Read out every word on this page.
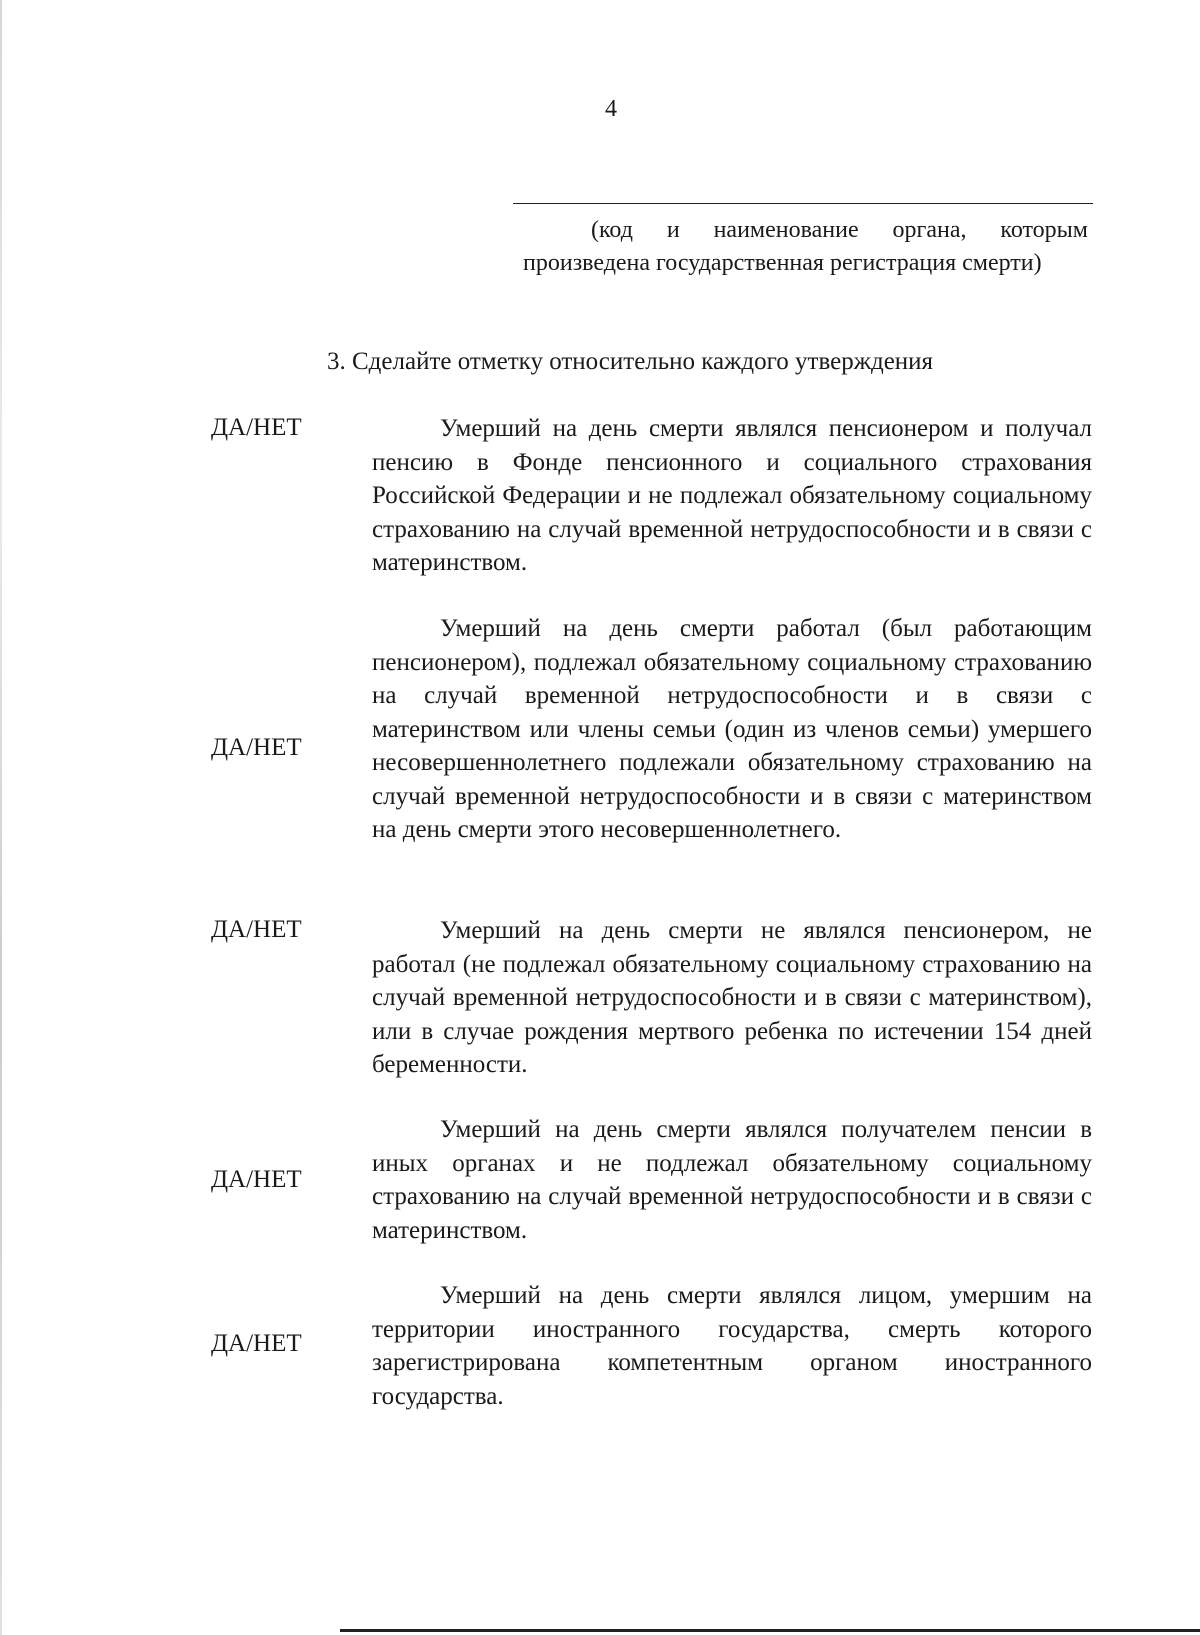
4
(код и наименование органа, которым произведена государственная регистрация смерти)
3. Сделайте отметку относительно каждого утверждения
ДА/НЕТ	Умерший на день смерти являлся пенсионером и получал пенсию в Фонде пенсионного и социального страхования Российской Федерации и не подлежал обязательному социальному страхованию на случай временной нетрудоспособности и в связи с материнством.
ДА/НЕТ
Умерший на день смерти работал (был работающим пенсионером), подлежал обязательному социальному страхованию на случай временной нетрудоспособности и в связи с материнством или члены семьи (один из членов семьи) умершего несовершеннолетнего подлежали обязательному страхованию на случай временной нетрудоспособности и в связи с материнством на день смерти этого несовершеннолетнего.
ДА/НЕТ	Умерший на день смерти не являлся пенсионером, не работал (не подлежал обязательному социальному страхованию на случай временной нетрудоспособности и в связи с материнством), или в случае рождения мертвого ребенка по истечении 154 дней беременности.
ДА/НЕТ
Умерший на день смерти являлся получателем пенсии в иных органах и не подлежал обязательному социальному страхованию на случай временной нетрудоспособности и в связи с материнством.
ДА/НЕТ
Умерший на день смерти являлся лицом, умершим на территории иностранного государства, смерть которого зарегистрирована компетентным органом иностранного государства.
